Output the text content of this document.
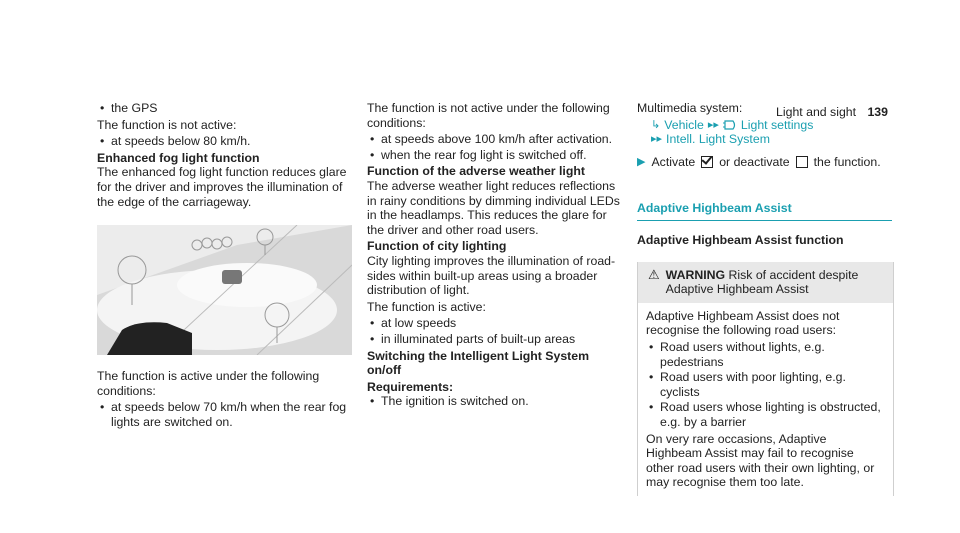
Light and sight 139
• the GPS

The function is not active:

• at speeds below 80 km/h.

Enhanced fog light function

The enhanced fog light function reduces glare for the driver and improves the illumination of the edge of the carriageway.

The function is active under the following conditions:

• at speeds below 70 km/h when the rear fog lights are switched on.

The function is not active under the following conditions:

• at speeds above 100 km/h after activation.
• when the rear fog light is switched off.

Function of the adverse weather light

The adverse weather light reduces reflections in rainy conditions by dimming individual LEDs in the headlamps. This reduces the glare for the driver and other road users.

Function of city lighting

City lighting improves the illumination of road-sides within built-up areas using a broader distribution of light.

The function is active:

• at low speeds
• in illuminated parts of built-up areas

Switching the Intelligent Light System on/off

Requirements:

• The ignition is switched on.

Multimedia system:

↳ Vehicle ▸▸ Light settings
▸▸ Intell. Light System
▶ Activate or deactivate the function.
Adaptive Highbeam Assist
Adaptive Highbeam Assist function
⚠ WARNING Risk of accident despite Adaptive Highbeam Assist

Adaptive Highbeam Assist does not recognise the following road users:

• Road users without lights, e.g. pedestrians
• Road users with poor lighting, e.g. cyclists
• Road users whose lighting is obstructed, e.g. by a barrier

On very rare occasions, Adaptive Highbeam Assist may fail to recognise other road users with their own lighting, or may recognise them too late.
